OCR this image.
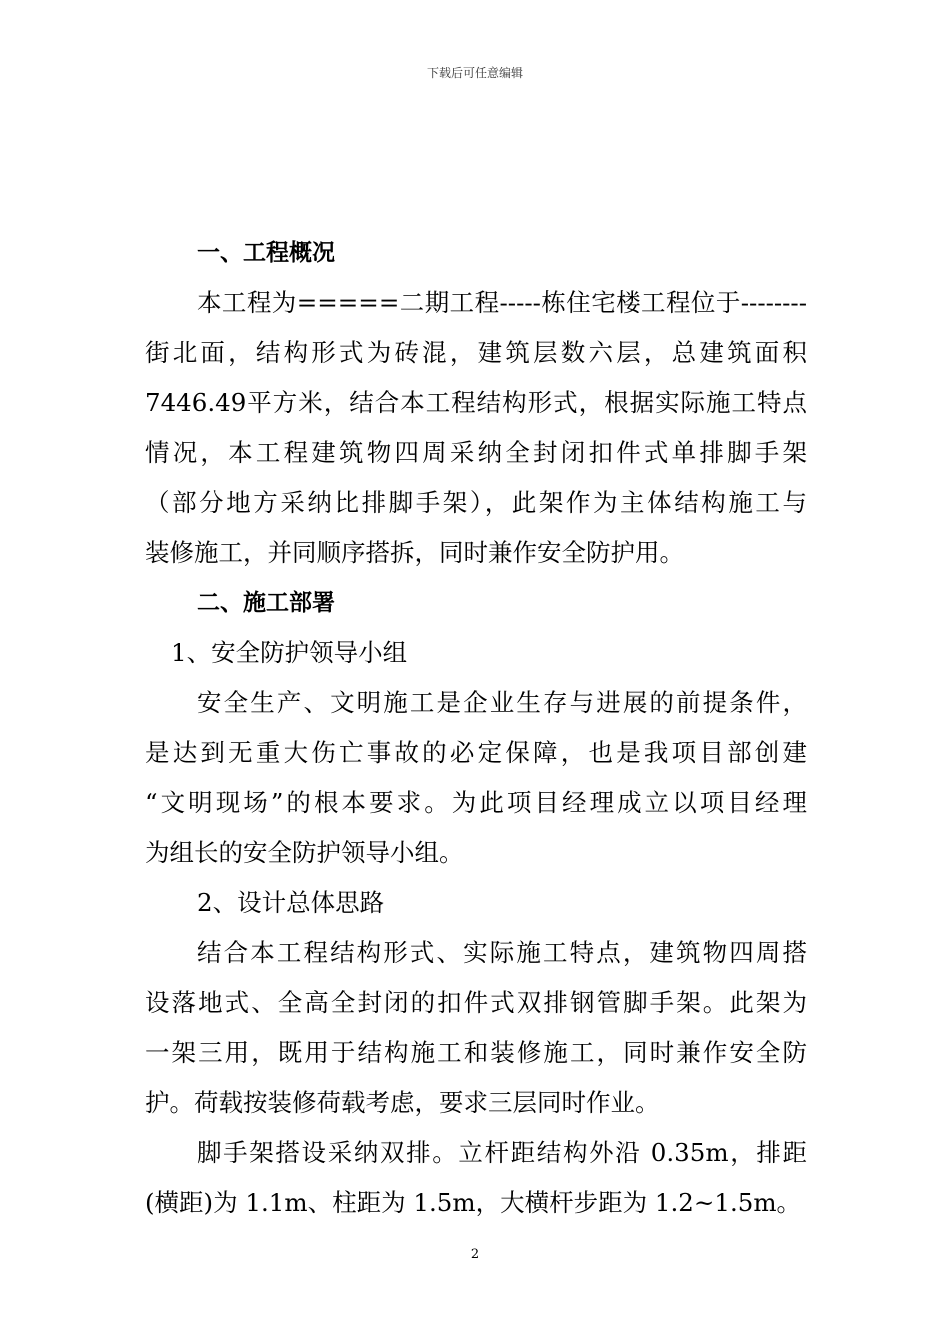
下载后可任意编辑

一、工程概况

本工程为=====二期工程-----栋住宅楼工程位于--------

街北面，结构形式为砖混，建筑层数六层，总建筑面积

7446.49平方米，结合本工程结构形式，根据实际施工特点

情况，本工程建筑物四周采纳全封闭扣件式单排脚手架

（部分地方采纳比排脚手架），此架作为主体结构施工与

装修施工，并同顺序搭拆，同时兼作安全防护用。

二、施工部署

1、安全防护领导小组

安全生产、文明施工是企业生存与进展的前提条件，

是达到无重大伤亡事故的必定保障，也是我项目部创建

“文明现场”的根本要求。为此项目经理成立以项目经理

为组长的安全防护领导小组。

2、设计总体思路

结合本工程结构形式、实际施工特点，建筑物四周搭

设落地式、全高全封闭的扣件式双排钢管脚手架。此架为

一架三用，既用于结构施工和装修施工，同时兼作安全防

护。荷载按装修荷载考虑，要求三层同时作业。

脚手架搭设采纳双排。立杆距结构外沿 0.35m，排距

(横距)为 1.1m、柱距为 1.5m，大横杆步距为 1.2~1.5m。

2
